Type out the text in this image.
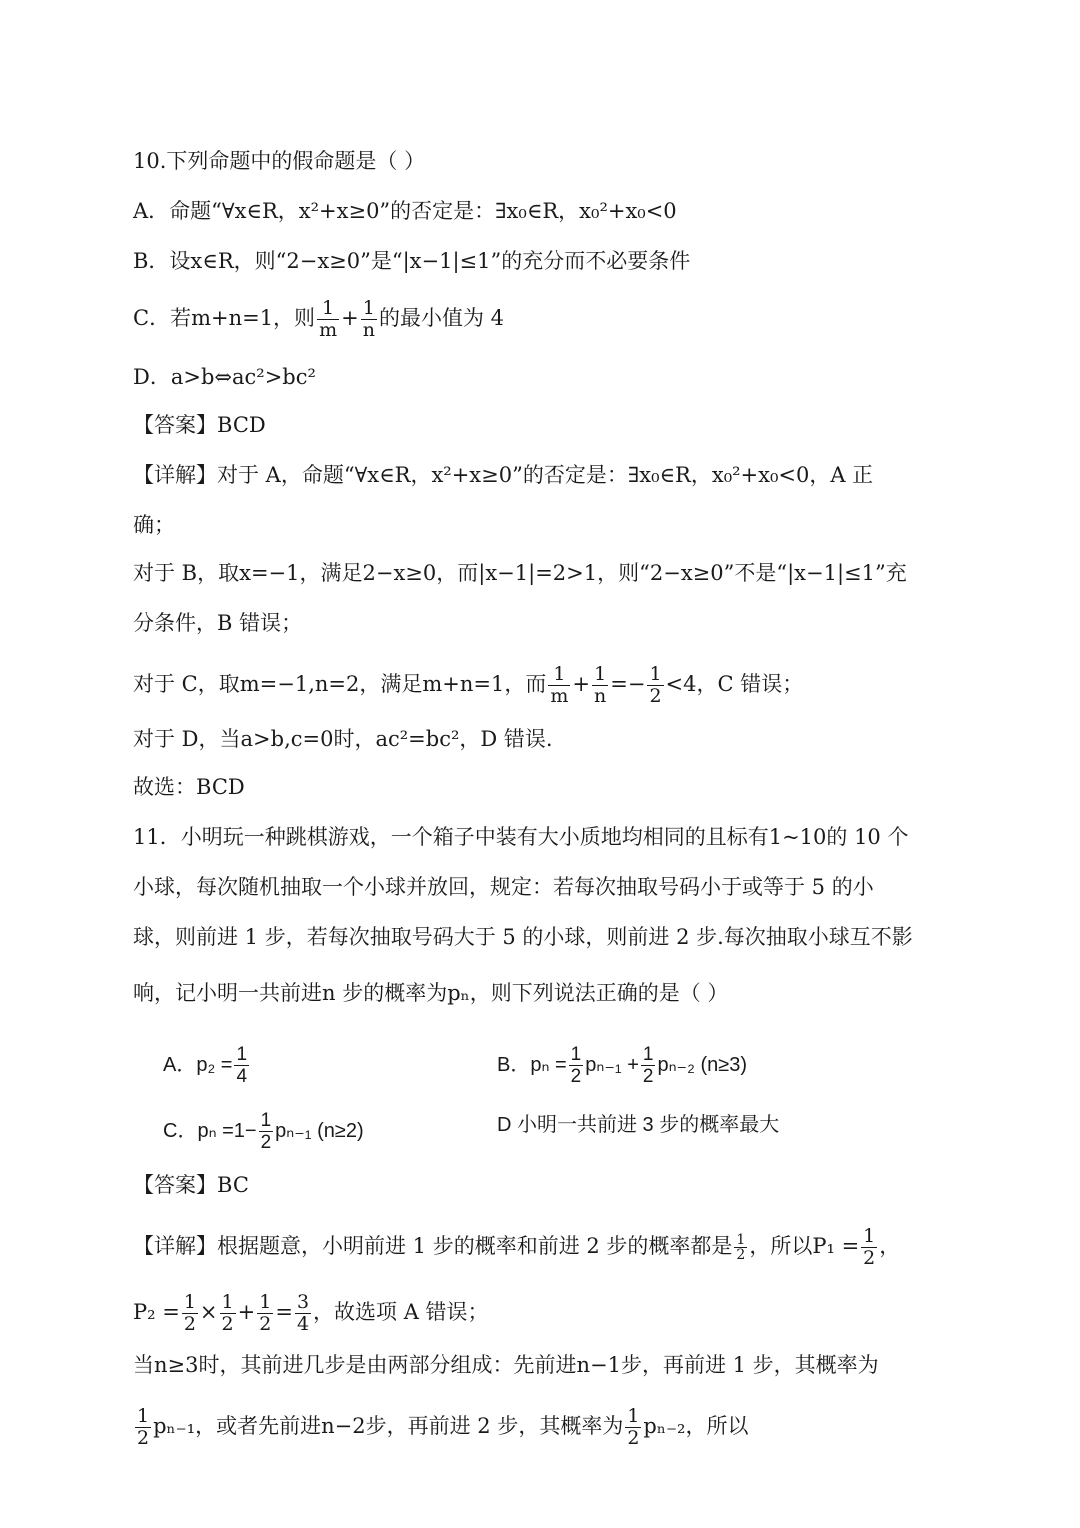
10.下列命题中的假命题是（ ）
A．命题“∀x∈R，x²+x≥0”的否定是：∃x₀∈R，x₀²+x₀<0
B．设x∈R，则“2−x≥0”是“|x−1|≤1”的充分而不必要条件
C．若m+n=1，则 $\frac{1}{m} + \frac{1}{n}$ 的最小值为 4
D．a>b⇔ac²>bc²
【答案】BCD
【详解】对于 A，命题“∀x∈R，x²+x≥0”的否定是：∃x₀∈R，x₀²+x₀<0，A 正
确；
对于 B，取x=−1，满足2−x≥0，而|x−1|=2>1，则“2−x≥0”不是“|x−1|≤1”充
分条件，B 错误；
对于 C，取m=−1,n=2，满足m+n=1，而 $\frac{1}{m} + \frac{1}{n} =- \frac{1}{2} <4$，C 错误；
对于 D，当a>b,c=0时，ac²=bc²，D 错误.
故选：BCD
11．小明玩一种跳棋游戏，一个箱子中装有大小质地均相同的且标有1~10的 10 个
小球，每次随机抽取一个小球并放回，规定：若每次抽取号码小于或等于 5 的小
球，则前进 1 步，若每次抽取号码大于 5 的小球，则前进 2 步.每次抽取小球互不影
响，记小明一共前进n 步的概率为pₙ，则下列说法正确的是（ ）
A．$p_2 = \frac{1}{4}$	B．$p_n = \frac{1}{2} p_{n-1} + \frac{1}{2} p_{n-2}$ (n≥3)
C．$p_n =1- \frac{1}{2} p_{n-1}$ (n≥2)	D 小明一共前进 3 步的概率最大
【答案】BC
【详解】根据题意，小明前进 1 步的概率和前进 2 步的概率都是 $\frac{1}{2}$ ，所以$P_1 = \frac{1}{2}$ ，
$P_2 = \frac{1}{2} \times \frac{1}{2} + \frac{1}{2} = \frac{3}{4}$ ，故选项 A 错误；
当n≥3时，其前进几步是由两部分组成：先前进n−1步，再前进 1 步，其概率为
$\frac{1}{2} p_{n-1}$，或者先前进n−2步，再前进 2 步，其概率为 $\frac{1}{2} p_{n-2}$，所以
